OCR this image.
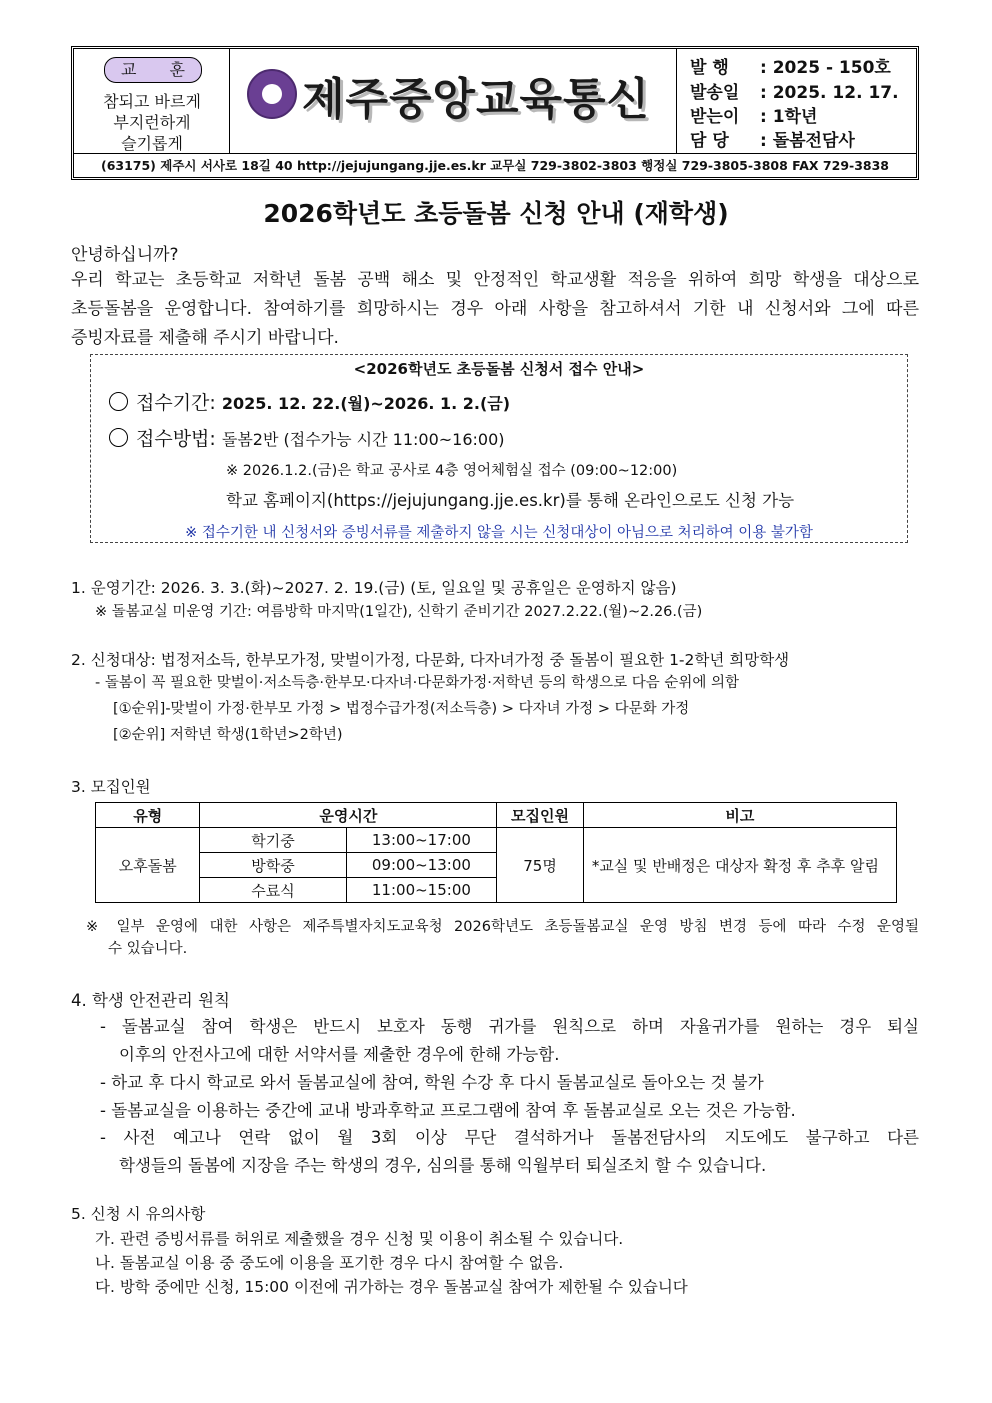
교 훈
참되고 바르게
부지런하게
슬기롭게
제주중앙교육통신
발 행 : 2025 - 150호
발송일 : 2025. 12. 17.
받는이 : 1학년
담 당 : 돌봄전담사
(63175) 제주시 서사로 18길 40 http://jejujungang.jje.es.kr 교무실 729-3802-3803 행정실 729-3805-3808 FAX 729-3838
2026학년도 초등돌봄 신청 안내 (재학생)
안녕하십니까?
우리 학교는 초등학교 저학년 돌봄 공백 해소 및 안정적인 학교생활 적응을 위하여 희망 학생을 대상으로
초등돌봄을 운영합니다. 참여하기를 희망하시는 경우 아래 사항을 참고하셔서 기한 내 신청서와 그에 따른
증빙자료를 제출해 주시기 바랍니다.
<2026학년도 초등돌봄 신청서 접수 안내>
접수기간: 2025. 12. 22.(월)~2026. 1. 2.(금)
접수방법: 돌봄2반 (접수가능 시간 11:00~16:00)
※ 2026.1.2.(금)은 학교 공사로 4층 영어체험실 접수 (09:00~12:00)
학교 홈페이지(https://jejujungang.jje.es.kr)를 통해 온라인으로도 신청 가능
※ 접수기한 내 신청서와 증빙서류를 제출하지 않을 시는 신청대상이 아님으로 처리하여 이용 불가함
1. 운영기간: 2026. 3. 3.(화)~2027. 2. 19.(금) (토, 일요일 및 공휴일은 운영하지 않음)
※ 돌봄교실 미운영 기간: 여름방학 마지막(1일간), 신학기 준비기간 2027.2.22.(월)~2.26.(금)
2. 신청대상: 법정저소득, 한부모가정, 맞벌이가정, 다문화, 다자녀가정 중 돌봄이 필요한 1-2학년 희망학생
- 돌봄이 꼭 필요한 맞벌이·저소득층·한부모·다자녀·다문화가정·저학년 등의 학생으로 다음 순위에 의함
[①순위]-맞벌이 가정·한부모 가정 > 법정수급가정(저소득층) > 다자녀 가정 > 다문화 가정
[②순위] 저학년 학생(1학년>2학년)
3. 모집인원
유형	운영시간		모집인원	비고
오후돌봄	학기중	13:00~17:00	75명	*교실 및 반배정은 대상자 확정 후 추후 알림
	방학중	09:00~13:00		
	수료식	11:00~15:00		
※ 일부 운영에 대한 사항은 제주특별자치도교육청 2026학년도 초등돌봄교실 운영 방침 변경 등에 따라 수정 운영될
수 있습니다.
4. 학생 안전관리 원칙
- 돌봄교실 참여 학생은 반드시 보호자 동행 귀가를 원칙으로 하며 자율귀가를 원하는 경우 퇴실
이후의 안전사고에 대한 서약서를 제출한 경우에 한해 가능함.
- 하교 후 다시 학교로 와서 돌봄교실에 참여, 학원 수강 후 다시 돌봄교실로 돌아오는 것 불가
- 돌봄교실을 이용하는 중간에 교내 방과후학교 프로그램에 참여 후 돌봄교실로 오는 것은 가능함.
- 사전 예고나 연락 없이 월 3회 이상 무단 결석하거나 돌봄전담사의 지도에도 불구하고 다른
학생들의 돌봄에 지장을 주는 학생의 경우, 심의를 통해 익월부터 퇴실조치 할 수 있습니다.
5. 신청 시 유의사항
가. 관련 증빙서류를 허위로 제출했을 경우 신청 및 이용이 취소될 수 있습니다.
나. 돌봄교실 이용 중 중도에 이용을 포기한 경우 다시 참여할 수 없음.
다. 방학 중에만 신청, 15:00 이전에 귀가하는 경우 돌봄교실 참여가 제한될 수 있습니다
